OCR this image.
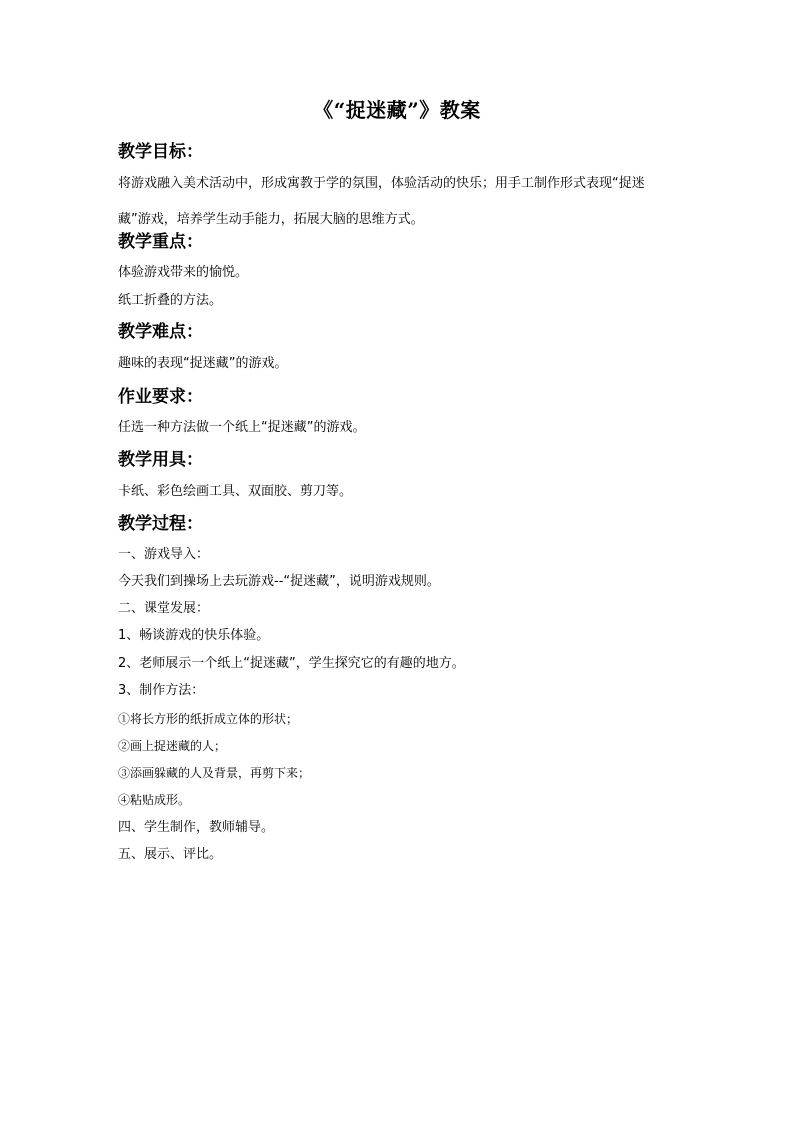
《“捉迷藏”》教案
教学目标：
将游戏融入美术活动中，形成寓教于学的氛围，体验活动的快乐；用手工制作形式表现“捉迷藏”游戏，培养学生动手能力，拓展大脑的思维方式。
教学重点：
体验游戏带来的愉悦。
纸工折叠的方法。
教学难点：
趣味的表现“捉迷藏”的游戏。
作业要求：
任选一种方法做一个纸上“捉迷藏”的游戏。
教学用具：
卡纸、彩色绘画工具、双面胶、剪刀等。
教学过程：
一、游戏导入：
今天我们到操场上去玩游戏--“捉迷藏”，说明游戏规则。
二、课堂发展：
1、畅谈游戏的快乐体验。
2、老师展示一个纸上“捉迷藏”，学生探究它的有趣的地方。
3、制作方法：
①将长方形的纸折成立体的形状；
②画上捉迷藏的人；
③添画躲藏的人及背景，再剪下来；
④粘贴成形。
四、学生制作，教师辅导。
五、展示、评比。
